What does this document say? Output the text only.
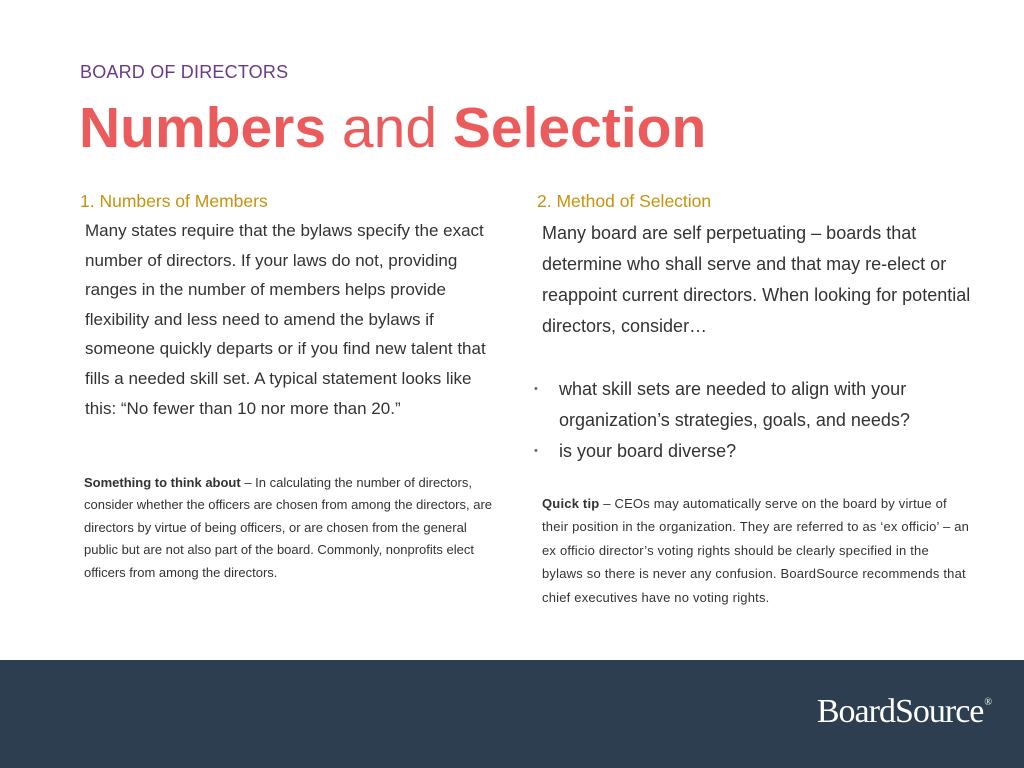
BOARD OF DIRECTORS
Numbers and Selection
1. Numbers of Members
Many states require that the bylaws specify the exact number of directors. If your laws do not, providing ranges in the number of members helps provide flexibility and less need to amend the bylaws if someone quickly departs or if you find new talent that fills a needed skill set. A typical statement looks like this: “No fewer than 10 nor more than 20.”
Something to think about – In calculating the number of directors, consider whether the officers are chosen from among the directors, are directors by virtue of being officers, or are chosen from the general public but are not also part of the board. Commonly, nonprofits elect officers from among the directors.
2. Method of Selection
Many board are self perpetuating – boards that determine who shall serve and that may re-elect or reappoint current directors. When looking for potential directors, consider…
• what skill sets are needed to align with your organization’s strategies, goals, and needs?
• is your board diverse?
Quick tip – CEOs may automatically serve on the board by virtue of their position in the organization. They are referred to as ‘ex officio’ – an ex officio director’s voting rights should be clearly specified in the bylaws so there is never any confusion. BoardSource recommends that chief executives have no voting rights.
BoardSource®
